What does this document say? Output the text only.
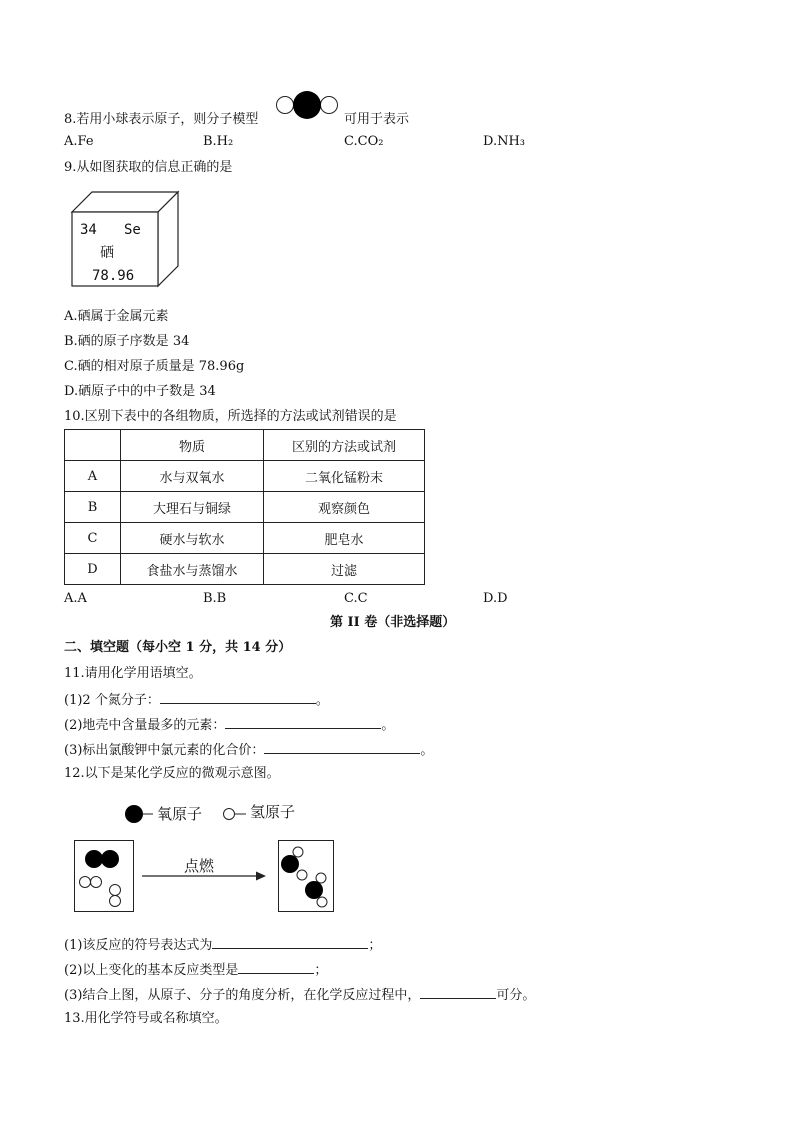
8.若用小球表示原子，则分子模型	可用于表示
A.Fe	B.H₂	C.CO₂	D.NH₃
9.从如图获取的信息正确的是
34 Se
硒
78.96
A.硒属于金属元素
B.硒的原子序数是 34
C.硒的相对原子质量是 78.96g
D.硒原子中的中子数是 34
10.区别下表中的各组物质，所选择的方法或试剂错误的是
	物质	区别的方法或试剂
A	水与双氧水	二氧化锰粉末
B	大理石与铜绿	观察颜色
C	硬水与软水	肥皂水
D	食盐水与蒸馏水	过滤
A.A	B.B	C.C	D.D
第 II 卷（非选择题）
二、填空题（每小空 1 分，共 14 分）
11.请用化学用语填空。
(1)2 个氮分子：	。
(2)地壳中含量最多的元素：	。
(3)标出氯酸钾中氯元素的化合价：	。
12.以下是某化学反应的微观示意图。
氧原子	氢原子
点燃
(1)该反应的符号表达式为	；
(2)以上变化的基本反应类型是	；
(3)结合上图，从原子、分子的角度分析，在化学反应过程中，	可分。
13.用化学符号或名称填空。
